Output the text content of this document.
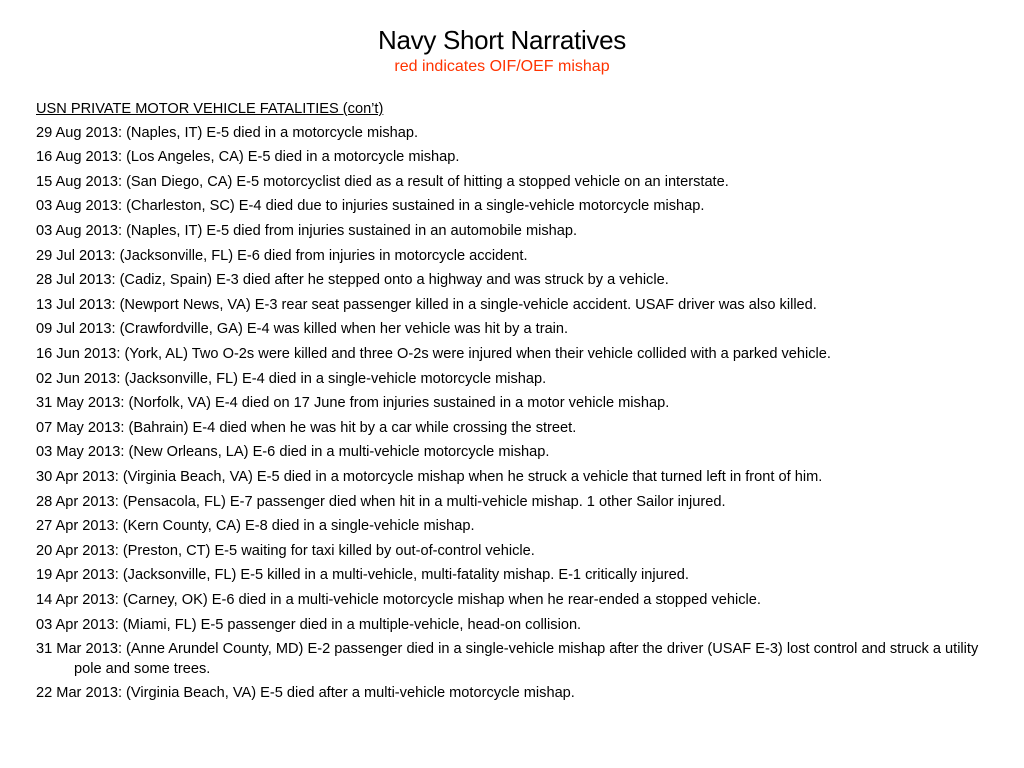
Navy Short Narratives
red indicates OIF/OEF mishap
USN PRIVATE MOTOR VEHICLE FATALITIES (con’t)
29 Aug 2013: (Naples, IT) E-5 died in a motorcycle mishap.
16 Aug 2013: (Los Angeles, CA) E-5 died in a motorcycle mishap.
15 Aug 2013: (San Diego, CA) E-5 motorcyclist died as a result of hitting a stopped vehicle on an interstate.
03 Aug 2013: (Charleston, SC) E-4 died due to injuries sustained in a single-vehicle motorcycle mishap.
03 Aug 2013: (Naples, IT) E-5 died from injuries sustained in an automobile mishap.
29 Jul 2013: (Jacksonville, FL) E-6 died from injuries in motorcycle accident.
28 Jul 2013: (Cadiz, Spain) E-3 died after he stepped onto a highway and was struck by a vehicle.
13 Jul 2013: (Newport News, VA) E-3 rear seat passenger killed in a single-vehicle accident. USAF driver was also killed.
09 Jul 2013: (Crawfordville, GA) E-4 was killed when her vehicle was hit by a train.
16 Jun 2013: (York, AL) Two O-2s were killed and three O-2s were injured when their vehicle collided with a parked vehicle.
02 Jun 2013: (Jacksonville, FL) E-4 died in a single-vehicle motorcycle mishap.
31 May 2013: (Norfolk, VA) E-4 died on 17 June from injuries sustained in a motor vehicle mishap.
07 May 2013: (Bahrain) E-4 died when he was hit by a car while crossing the street.
03 May 2013: (New Orleans, LA) E-6 died in a multi-vehicle motorcycle mishap.
30 Apr 2013: (Virginia Beach, VA) E-5 died in a motorcycle mishap when he struck a vehicle that turned left in front of him.
28 Apr 2013: (Pensacola, FL) E-7 passenger died when hit in a multi-vehicle mishap. 1 other Sailor injured.
27 Apr 2013: (Kern County, CA) E-8 died in a single-vehicle mishap.
20 Apr 2013: (Preston, CT) E-5 waiting for taxi killed by out-of-control vehicle.
19 Apr 2013: (Jacksonville, FL) E-5 killed in a multi-vehicle, multi-fatality mishap. E-1 critically injured.
14 Apr 2013: (Carney, OK) E-6 died in a multi-vehicle motorcycle mishap when he rear-ended a stopped vehicle.
03 Apr 2013: (Miami, FL) E-5 passenger died in a multiple-vehicle, head-on collision.
31 Mar 2013: (Anne Arundel County, MD) E-2 passenger died in a single-vehicle mishap after the driver (USAF E-3) lost control and struck a utility pole and some trees.
22 Mar 2013: (Virginia Beach, VA) E-5 died after a multi-vehicle motorcycle mishap.
